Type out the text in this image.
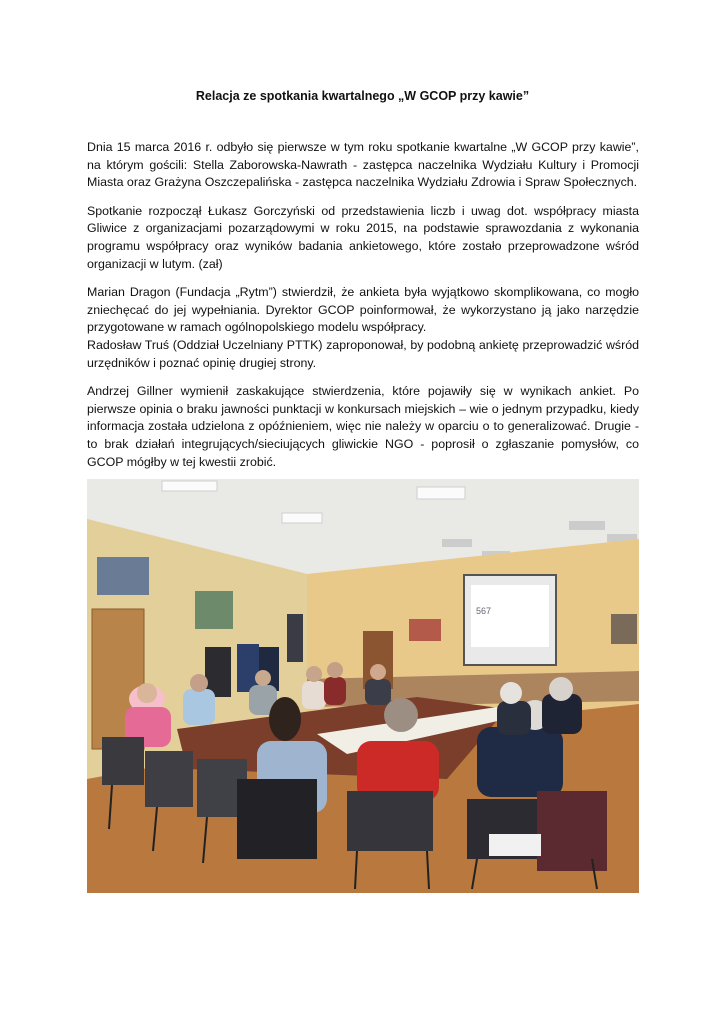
Relacja ze spotkania kwartalnego „W GCOP przy kawie”

Dnia 15 marca 2016 r. odbyło się pierwsze w tym roku spotkanie kwartalne „W GCOP przy kawie”, na którym gościli: Stella Zaborowska-Nawrath - zastępca naczelnika Wydziału Kultury i Promocji Miasta oraz Grażyna Oszczepalińska - zastępca naczelnika Wydziału Zdrowia i Spraw Społecznych.

Spotkanie rozpoczął Łukasz Gorczyński od przedstawienia liczb i uwag dot. współpracy miasta Gliwice z organizacjami pozarządowymi w roku 2015, na podstawie sprawozdania z wykonania programu współpracy oraz wyników badania ankietowego, które zostało przeprowadzone wśród organizacji w lutym. (zał)

Marian Dragon (Fundacja „Rytm”) stwierdził, że ankieta była wyjątkowo skomplikowana, co mogło zniechęcać do jej wypełniania. Dyrektor GCOP poinformował, że wykorzystano ją jako narzędzie przygotowane w ramach ogólnopolskiego modelu współpracy.

Radosław Truś (Oddział Uczelniany PTTK) zaproponował, by podobną ankietę przeprowadzić wśród urzędników i poznać opinię drugiej strony.

Andrzej Gillner wymienił zaskakujące stwierdzenia, które pojawiły się w wynikach ankiet. Po pierwsze opinia o braku jawności punktacji w konkursach miejskich – wie o jednym przypadku, kiedy informacja została udzielona z opóźnieniem, więc nie należy w oparciu o to generalizować. Drugie - to brak działań integrujących/sieciujących gliwickie NGO - poprosił o zgłaszanie pomysłów, co GCOP mógłby w tej kwestii zrobić.

567
